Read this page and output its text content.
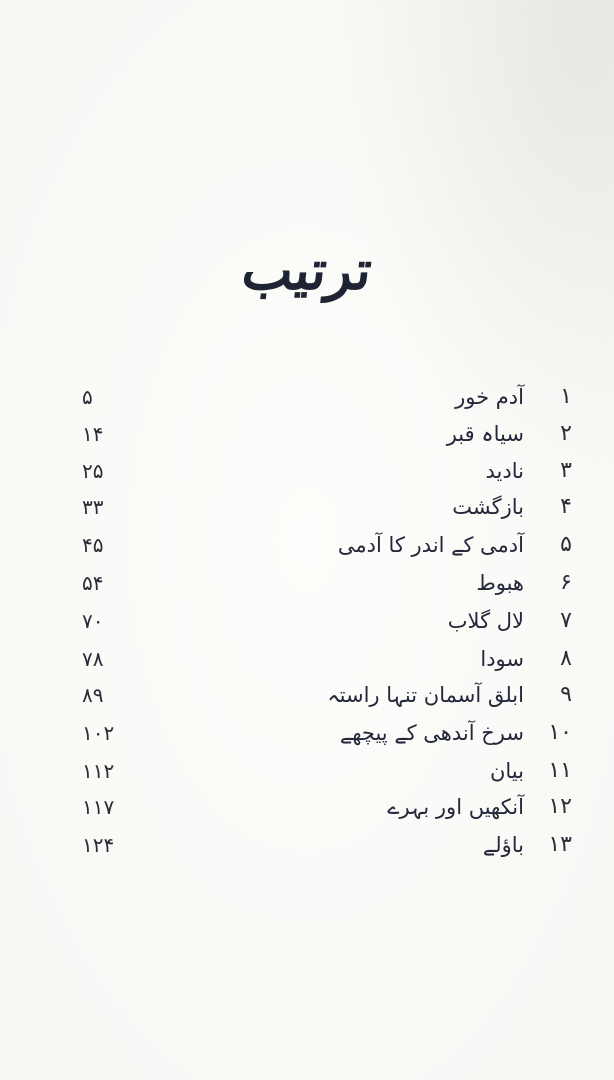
ترتیب
۱
آدم خور
۵
۲
سیاہ قبر
۱۴
۳
نادید
۲۵
۴
بازگشت
۳۳
۵
آدمی کے اندر کا آدمی
۴۵
۶
ھبوط
۵۴
۷
لال گلاب
۷۰
۸
سودا
۷۸
۹
ابلق آسمان تنہا راستہ
۸۹
۱۰
سرخ آندھی کے پیچھے
۱۰۲
۱۱
بیان
۱۱۲
۱۲
آنکھیں اور بہرے
۱۱۷
۱۳
باؤلے
۱۲۴
